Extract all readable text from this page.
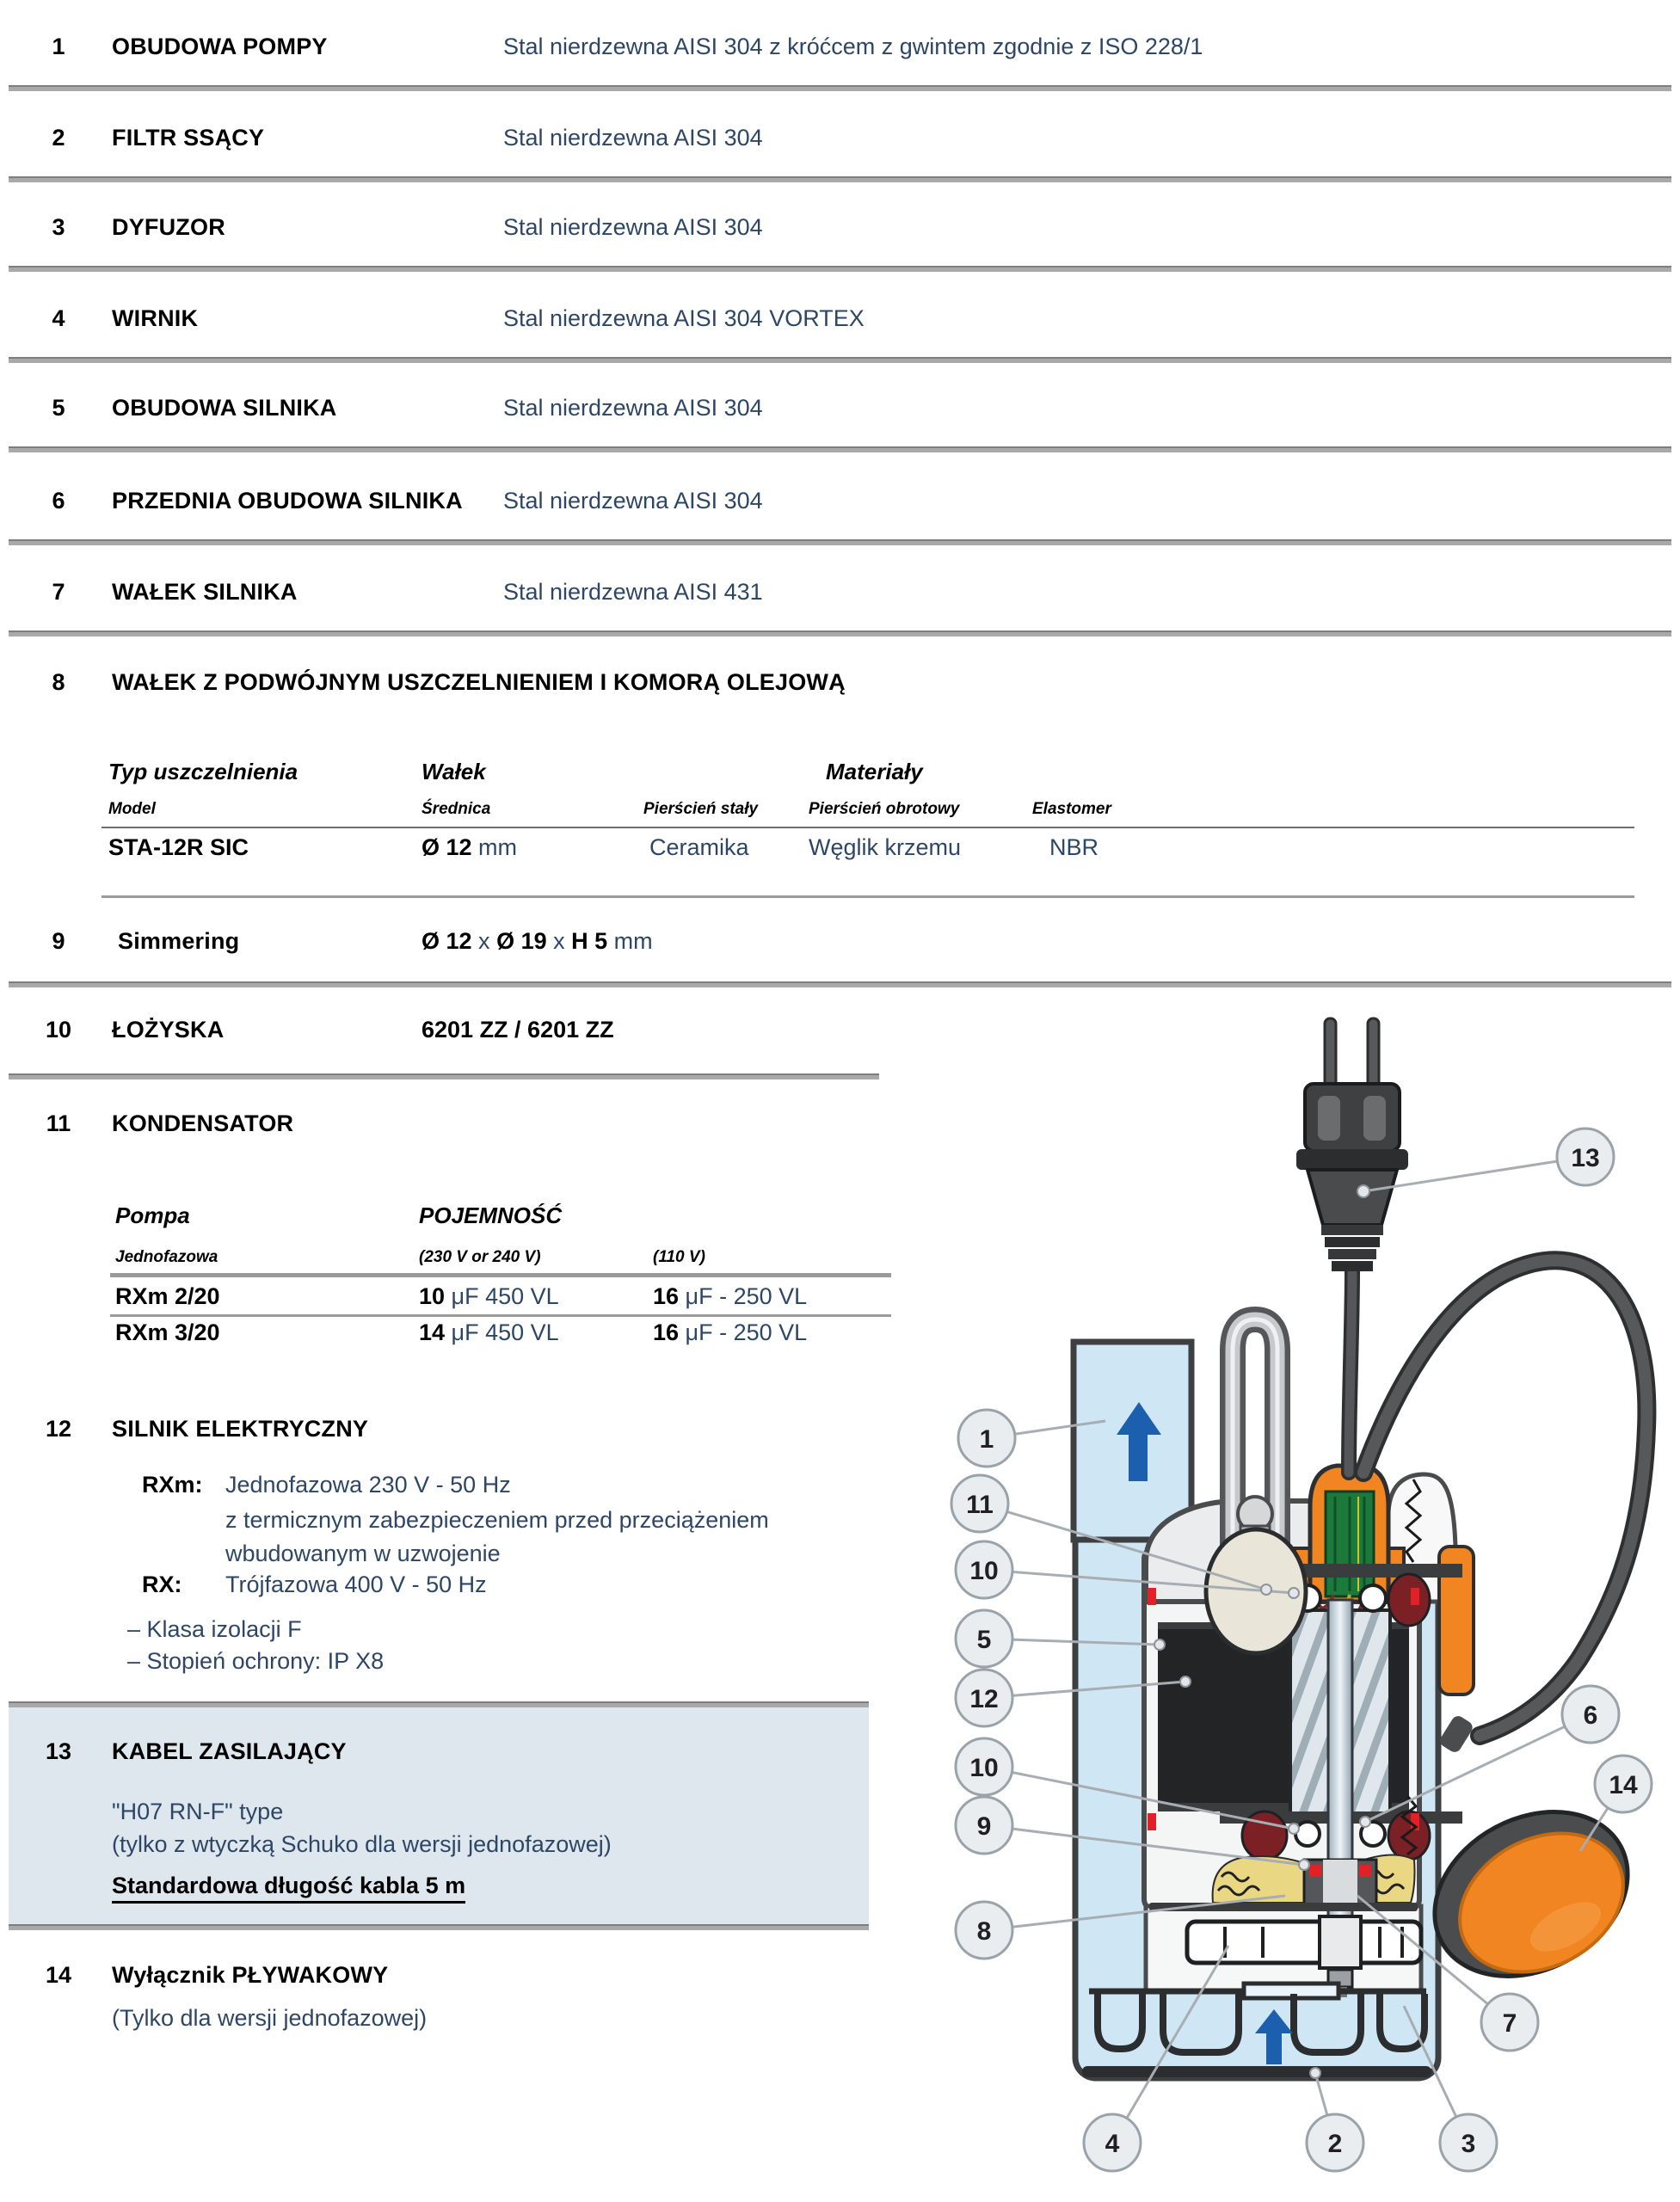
1	OBUDOWA POMPY	Stal nierdzewna AISI 304 z króćcem z gwintem zgodnie z ISO 228/1
2	FILTR SSĄCY	Stal nierdzewna AISI 304
3	DYFUZOR	Stal nierdzewna AISI 304
4	WIRNIK	Stal nierdzewna AISI 304 VORTEX
5	OBUDOWA SILNIKA	Stal nierdzewna AISI 304
6	PRZEDNIA OBUDOWA SILNIKA Stal nierdzewna AISI 304
7	WAŁEK SILNIKA	Stal nierdzewna AISI 431
8	WAŁEK Z PODWÓJNYM USZCZELNIENIEM I KOMORĄ OLEJOWĄ
Typ uszczelnienia	Wałek	Materiały
Model	Średnica	Pierścień stały	Pierścień obrotowy	Elastomer
STA-12R SIC	Ø 12 mm	Ceramika	Węglik krzemu	NBR
9	Simmering	Ø 12 x Ø 19 x H 5 mm
10	ŁOŻYSKA	6201 ZZ / 6201 ZZ
11	KONDENSATOR
Pompa	POJEMNOŚĆ
Jednofazowa	(230 V or 240 V)	(110 V)
RXm 2/20	10 μF 450 VL	16 μF - 250 VL
RXm 3/20	14 μF 450 VL	16 μF - 250 VL
12	SILNIK ELEKTRYCZNY
RXm: Jednofazowa 230 V - 50 Hz
z termicznym zabezpieczeniem przed przeciążeniem
wbudowanym w uzwojenie
RX: Trójfazowa 400 V - 50 Hz
– Klasa izolacji F
– Stopień ochrony: IP X8
13	KABEL ZASILAJĄCY
"H07 RN-F" type
(tylko z wtyczką Schuko dla wersji jednofazowej)
Standardowa długość kabla 5 m
14	Wyłącznik PŁYWAKOWY
(Tylko dla wersji jednofazowej)
13
1
11
10
5
12
10
9
8
6
14
7
4	2	3
